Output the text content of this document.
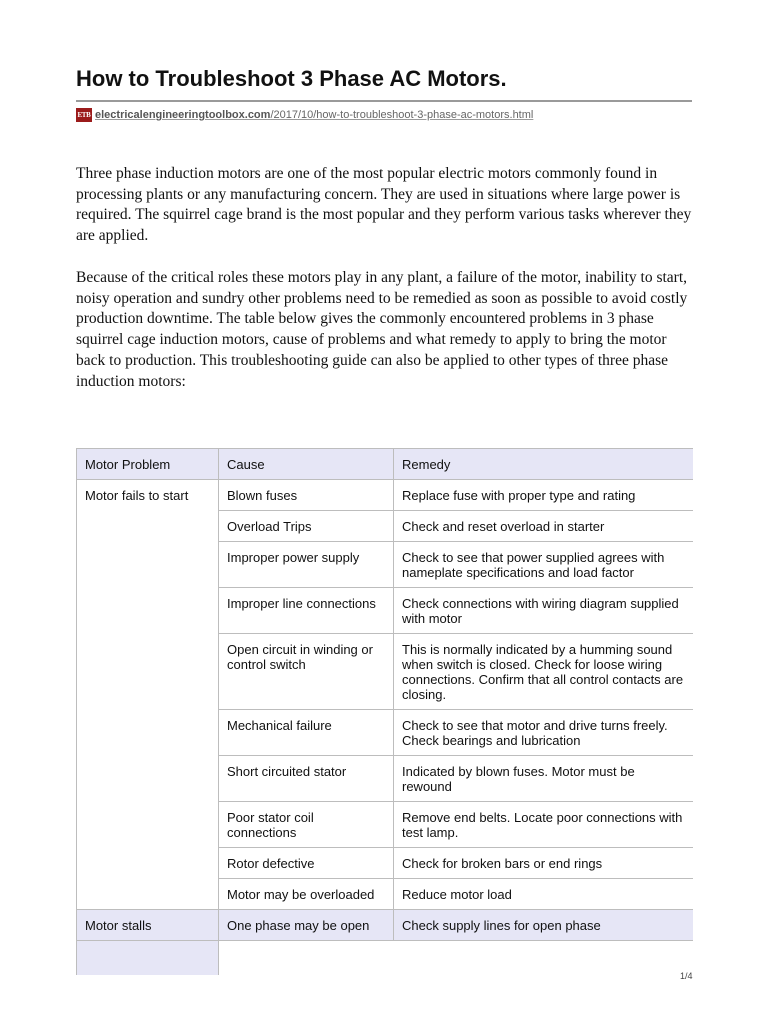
How to Troubleshoot 3 Phase AC Motors.
ETB electricalengineeringtoolbox.com/2017/10/how-to-troubleshoot-3-phase-ac-motors.html

Three phase induction motors are one of the most popular electric motors commonly found in processing plants or any manufacturing concern. They are used in situations where large power is required. The squirrel cage brand is the most popular and they perform various tasks wherever they are applied.

Because of the critical roles these motors play in any plant, a failure of the motor, inability to start, noisy operation and sundry other problems need to be remedied as soon as possible to avoid costly production downtime. The table below gives the commonly encountered problems in 3 phase squirrel cage induction motors, cause of problems and what remedy to apply to bring the motor back to production. This troubleshooting guide can also be applied to other types of three phase induction motors:

Motor Problem	Cause	Remedy
Motor fails to start	Blown fuses	Replace fuse with proper type and rating
	Overload Trips	Check and reset overload in starter
	Improper power supply	Check to see that power supplied agrees with nameplate specifications and load factor
	Improper line connections	Check connections with wiring diagram supplied with motor
	Open circuit in winding or control switch	This is normally indicated by a humming sound when switch is closed. Check for loose wiring connections. Confirm that all control contacts are closing.
	Mechanical failure	Check to see that motor and drive turns freely. Check bearings and lubrication
	Short circuited stator	Indicated by blown fuses. Motor must be rewound
	Poor stator coil connections	Remove end belts. Locate poor connections with test lamp.
	Rotor defective	Check for broken bars or end rings
	Motor may be overloaded	Reduce motor load
Motor stalls	One phase may be open	Check supply lines for open phase

1/4
